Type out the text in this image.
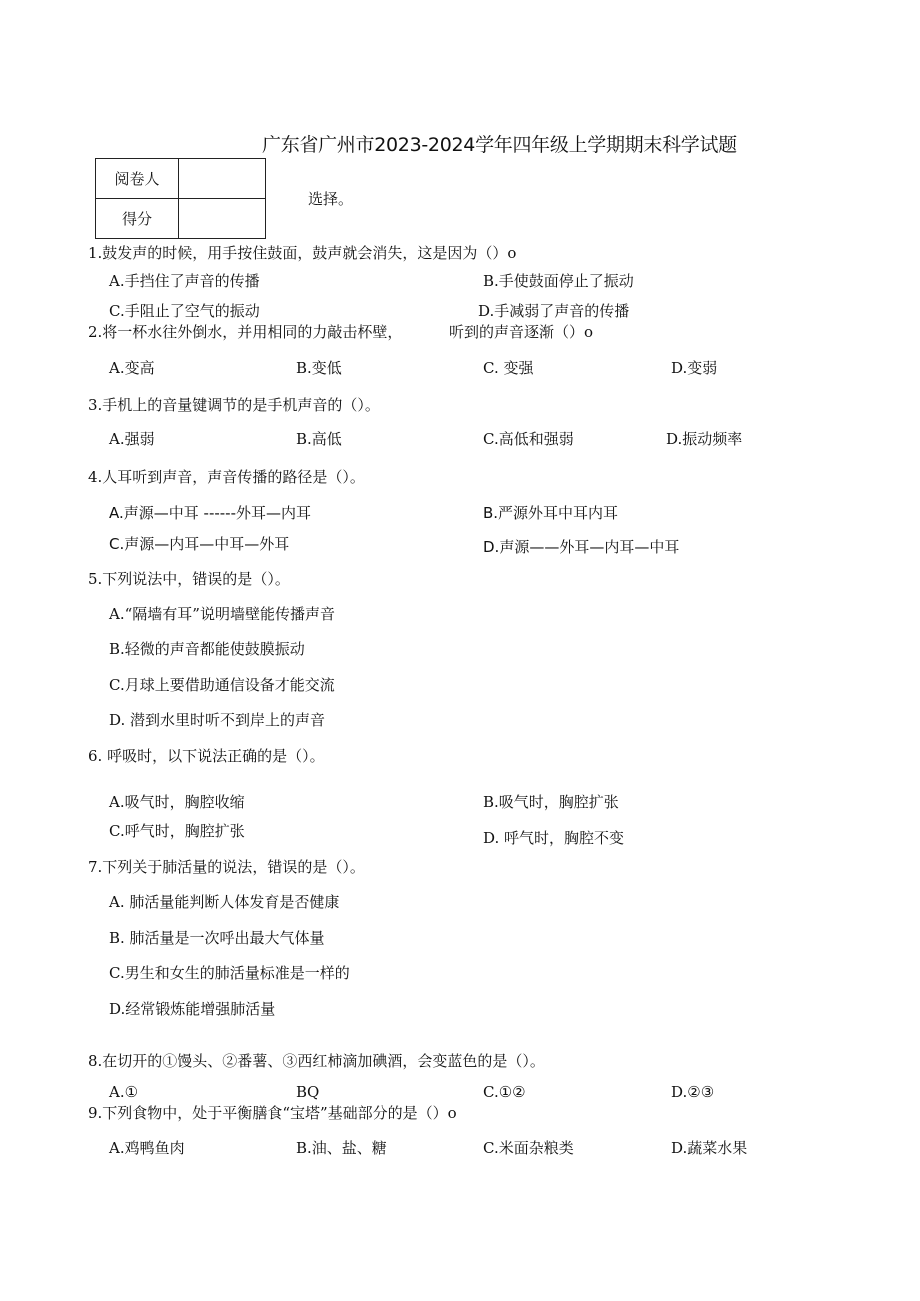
广东省广州市2023-2024学年四年级上学期期末科学试题
阅卷人	
得分	
选择。
1.鼓发声的时候，用手按住鼓面，鼓声就会消失，这是因为（）o
A.手挡住了声音的传播	B.手使鼓面停止了振动
C.手阻止了空气的振动	D.手减弱了声音的传播
2.将一杯水往外倒水，并用相同的力敲击杯壁，	听到的声音逐渐（）o
A.变高	B.变低	C. 变强	D.变弱
3.手机上的音量键调节的是手机声音的（）。
A.强弱	B.高低	C.高低和强弱	D.振动频率
4.人耳听到声音，声音传播的路径是（）。
A.声源—中耳 ------外耳—内耳	B.严源外耳中耳内耳
C.声源—内耳—中耳—外耳	D.声源——外耳—内耳—中耳
5.下列说法中，错误的是（）。
A.“隔墙有耳”说明墙壁能传播声音
B.轻微的声音都能使鼓膜振动
C.月球上要借助通信设备才能交流
D. 潜到水里时听不到岸上的声音
6. 呼吸时，以下说法正确的是（）。
A.吸气时，胸腔收缩	B.吸气时，胸腔扩张
C.呼气时，胸腔扩张	D. 呼气时，胸腔不变
7.下列关于肺活量的说法，错误的是（）。
A. 肺活量能判断人体发育是否健康
B. 肺活量是一次呼出最大气体量
C.男生和女生的肺活量标准是一样的
D.经常锻炼能增强肺活量
8.在切开的①馒头、②番薯、③西红柿滴加碘酒，会变蓝色的是（）。
A.①	BQ	C.①②	D.②③
9.下列食物中，处于平衡膳食“宝塔”基础部分的是（）o
A.鸡鸭鱼肉	B.油、盐、糖	C.米面杂粮类	D.蔬菜水果
